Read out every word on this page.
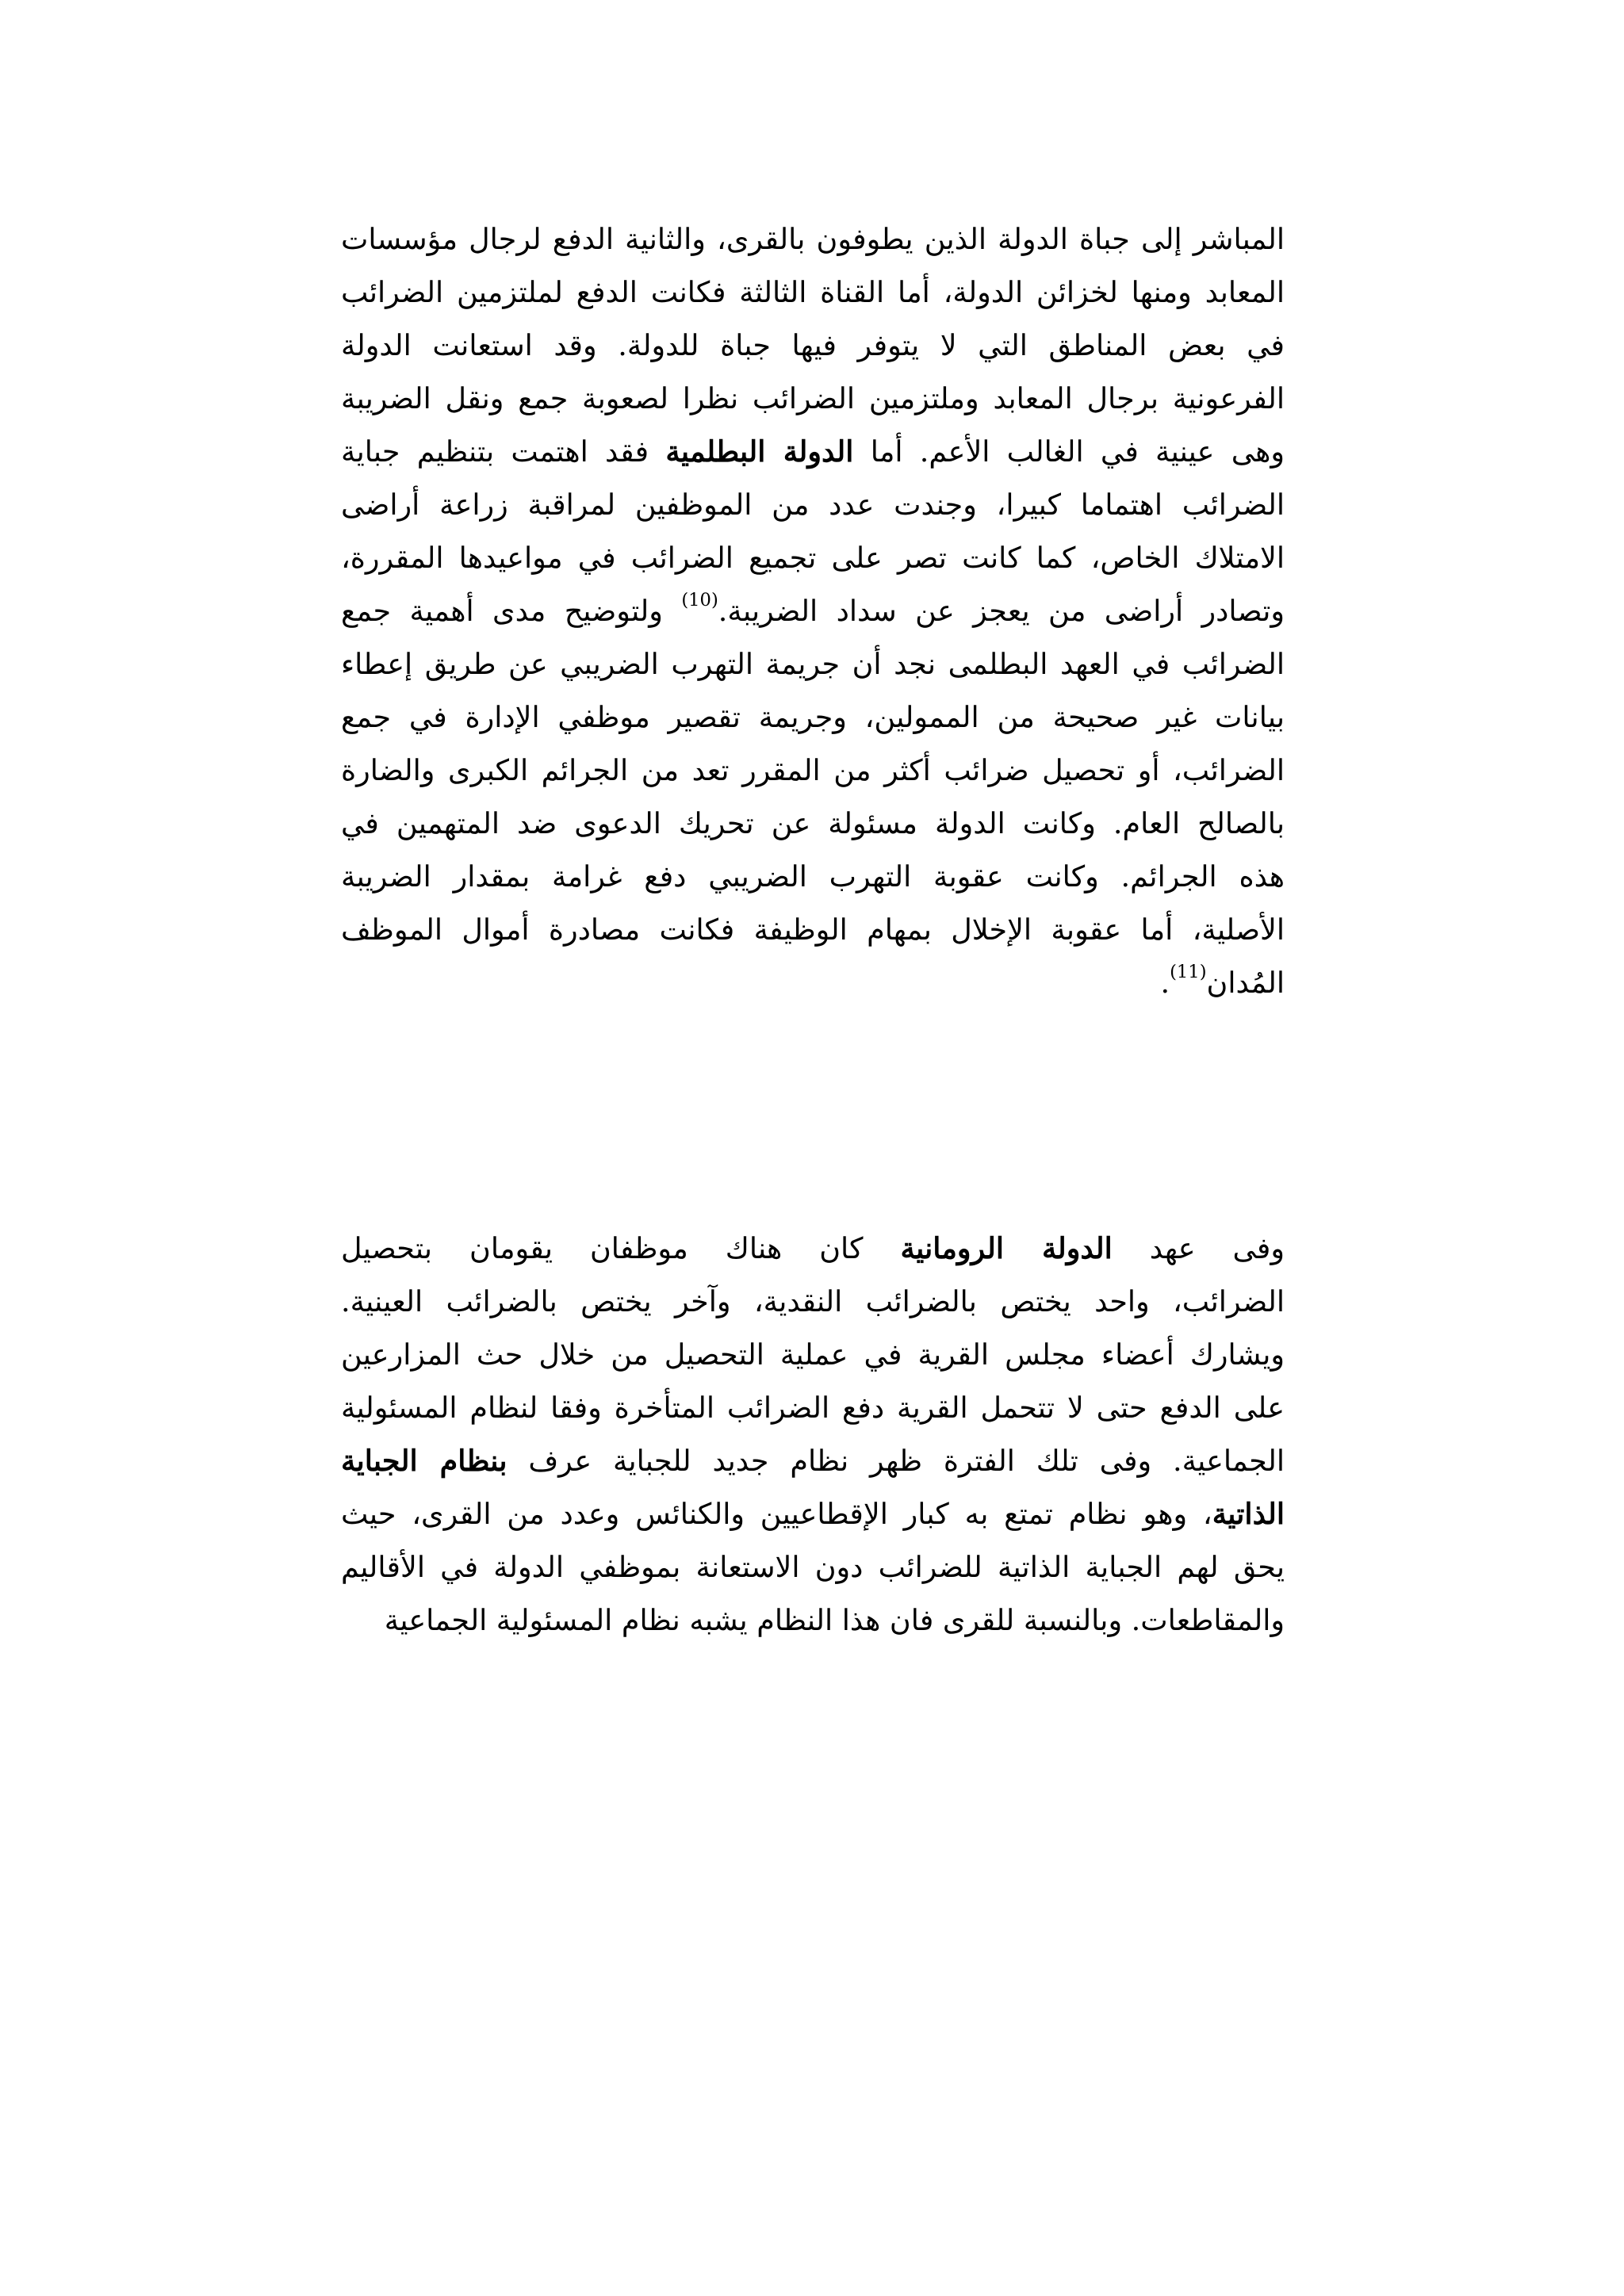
المباشر إلى جباة الدولة الذين يطوفون بالقرى، والثانية الدفع لرجال مؤسسات
المعابد ومنها لخزائن الدولة، أما القناة الثالثة فكانت الدفع لملتزمين الضرائب
في بعض المناطق التي لا يتوفر فيها جباة للدولة. وقد استعانت الدولة
الفرعونية برجال المعابد وملتزمين الضرائب نظرا لصعوبة جمع ونقل الضريبة
وهى عينية في الغالب الأعم. أما الدولة البطلمية فقد اهتمت بتنظيم جباية
الضرائب اهتماما كبيرا، وجندت عدد من الموظفين لمراقبة زراعة أراضى
الامتلاك الخاص، كما كانت تصر على تجميع الضرائب في مواعيدها المقررة،
وتصادر أراضى من يعجز عن سداد الضريبة.$^{(10)}$ ولتوضيح مدى أهمية جمع
الضرائب في العهد البطلمى نجد أن جريمة التهرب الضريبي عن طريق إعطاء
بيانات غير صحيحة من الممولين، وجريمة تقصير موظفي الإدارة في جمع
الضرائب، أو تحصيل ضرائب أكثر من المقرر تعد من الجرائم الكبرى والضارة
بالصالح العام. وكانت الدولة مسئولة عن تحريك الدعوى ضد المتهمين في
هذه الجرائم. وكانت عقوبة التهرب الضريبي دفع غرامة بمقدار الضريبة
الأصلية، أما عقوبة الإخلال بمهام الوظيفة فكانت مصادرة أموال الموظف
المُدان$^{(11)}$.
وفى عهد الدولة الرومانية كان هناك موظفان يقومان بتحصيل
الضرائب، واحد يختص بالضرائب النقدية، وآخر يختص بالضرائب العينية.
ويشارك أعضاء مجلس القرية في عملية التحصيل من خلال حث المزارعين
على الدفع حتى لا تتحمل القرية دفع الضرائب المتأخرة وفقا لنظام المسئولية
الجماعية. وفى تلك الفترة ظهر نظام جديد للجباية عرف بنظام الجباية
الذاتية، وهو نظام تمتع به كبار الإقطاعيين والكنائس وعدد من القرى، حيث
يحق لهم الجباية الذاتية للضرائب دون الاستعانة بموظفي الدولة في الأقاليم
والمقاطعات. وبالنسبة للقرى فان هذا النظام يشبه نظام المسئولية الجماعية
